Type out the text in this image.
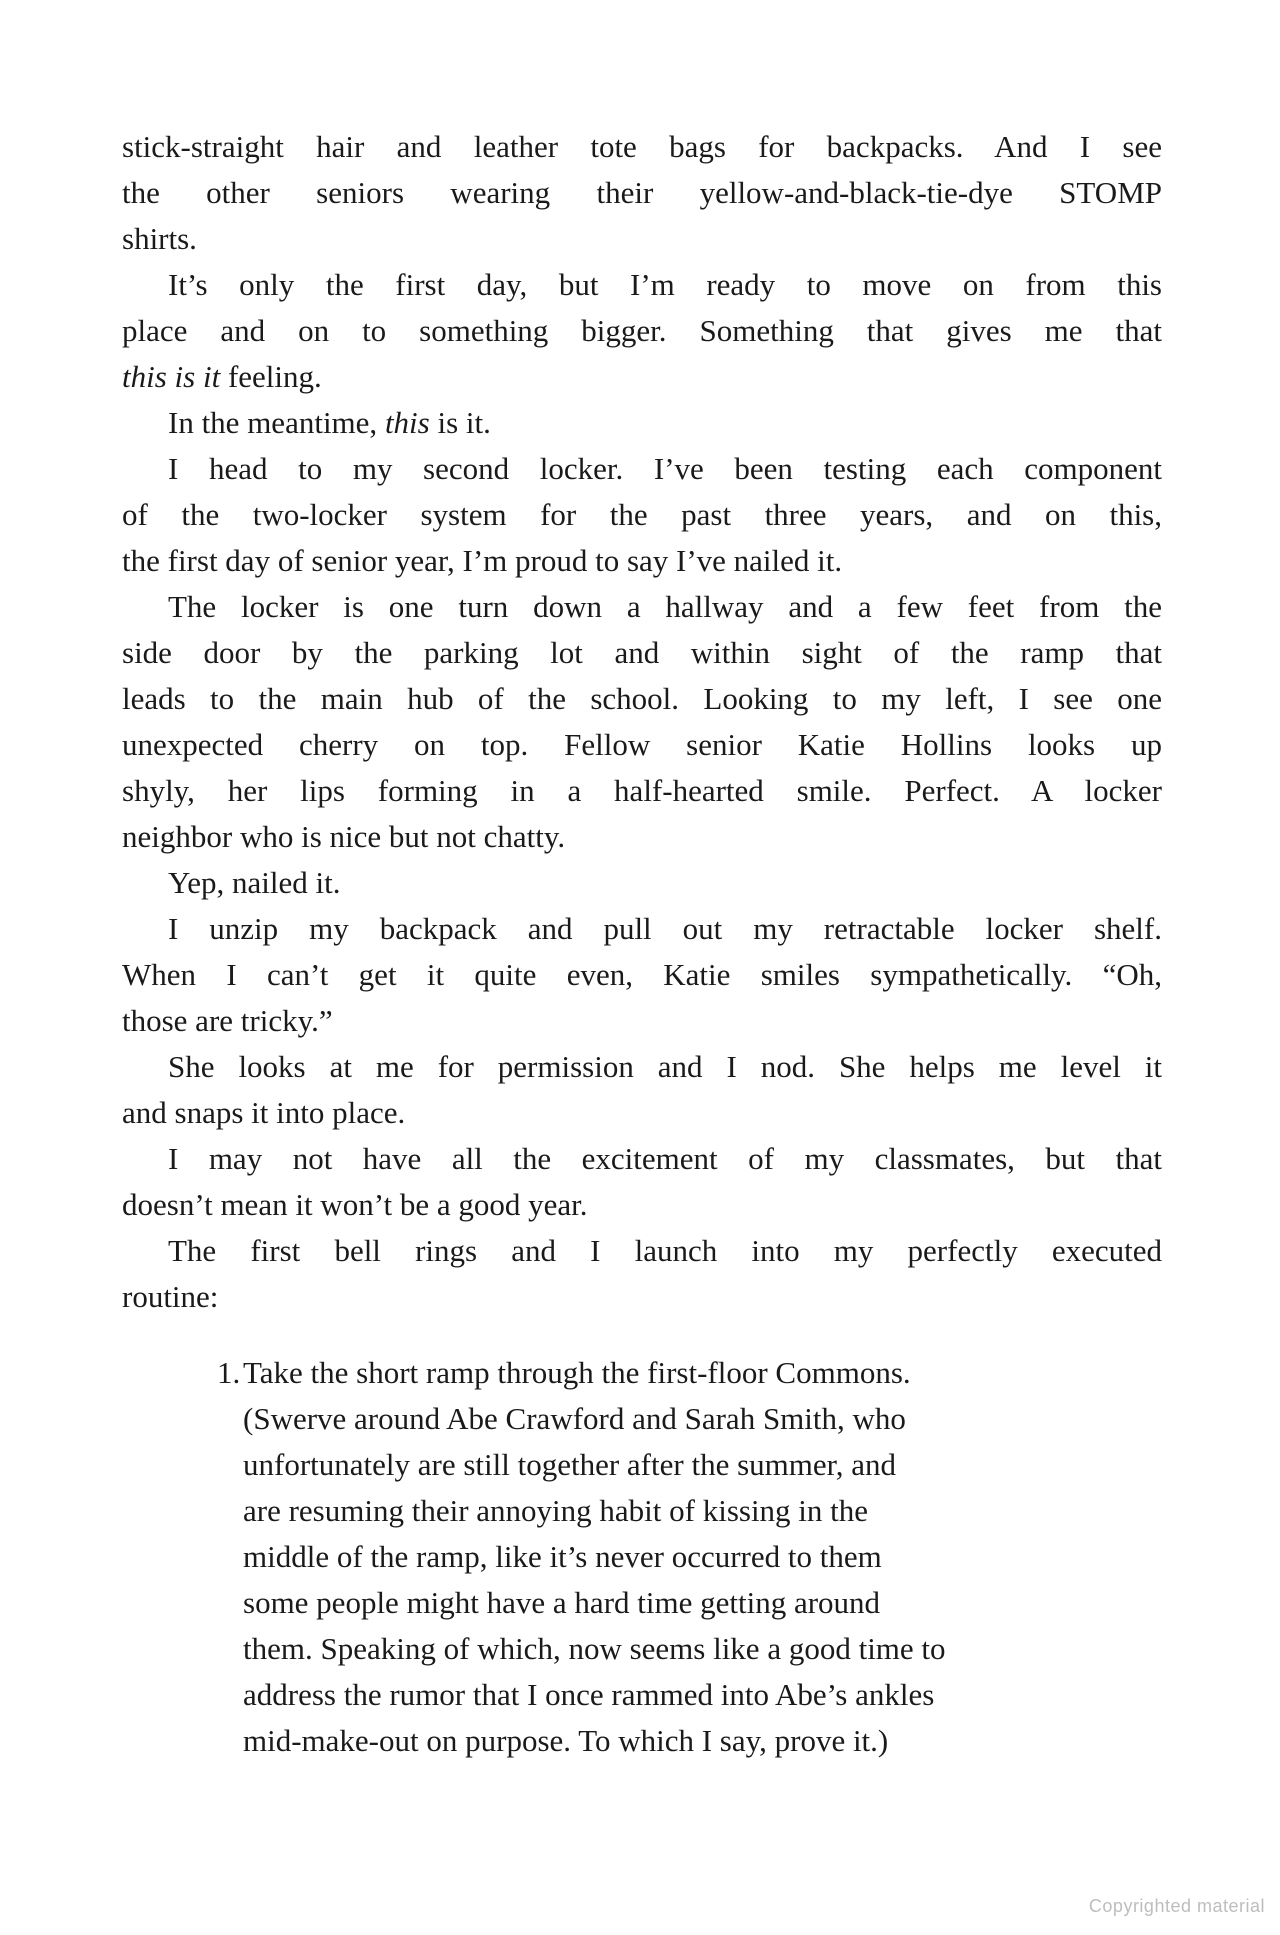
stick-straight hair and leather tote bags for backpacks. And I see
the other seniors wearing their yellow-and-black-tie-dye STOMP
shirts.
It’s only the first day, but I’m ready to move on from this
place and on to something bigger. Something that gives me that
this is it feeling.
In the meantime, this is it.
I head to my second locker. I’ve been testing each component
of the two-locker system for the past three years, and on this,
the first day of senior year, I’m proud to say I’ve nailed it.
The locker is one turn down a hallway and a few feet from the
side door by the parking lot and within sight of the ramp that
leads to the main hub of the school. Looking to my left, I see one
unexpected cherry on top. Fellow senior Katie Hollins looks up
shyly, her lips forming in a half-hearted smile. Perfect. A locker
neighbor who is nice but not chatty.
Yep, nailed it.
I unzip my backpack and pull out my retractable locker shelf.
When I can’t get it quite even, Katie smiles sympathetically. “Oh,
those are tricky.”
She looks at me for permission and I nod. She helps me level it
and snaps it into place.
I may not have all the excitement of my classmates, but that
doesn’t mean it won’t be a good year.
The first bell rings and I launch into my perfectly executed
routine:
1. Take the short ramp through the first-floor Commons.
(Swerve around Abe Crawford and Sarah Smith, who
unfortunately are still together after the summer, and
are resuming their annoying habit of kissing in the
middle of the ramp, like it’s never occurred to them
some people might have a hard time getting around
them. Speaking of which, now seems like a good time to
address the rumor that I once rammed into Abe’s ankles
mid-make-out on purpose. To which I say, prove it.)
Copyrighted material
